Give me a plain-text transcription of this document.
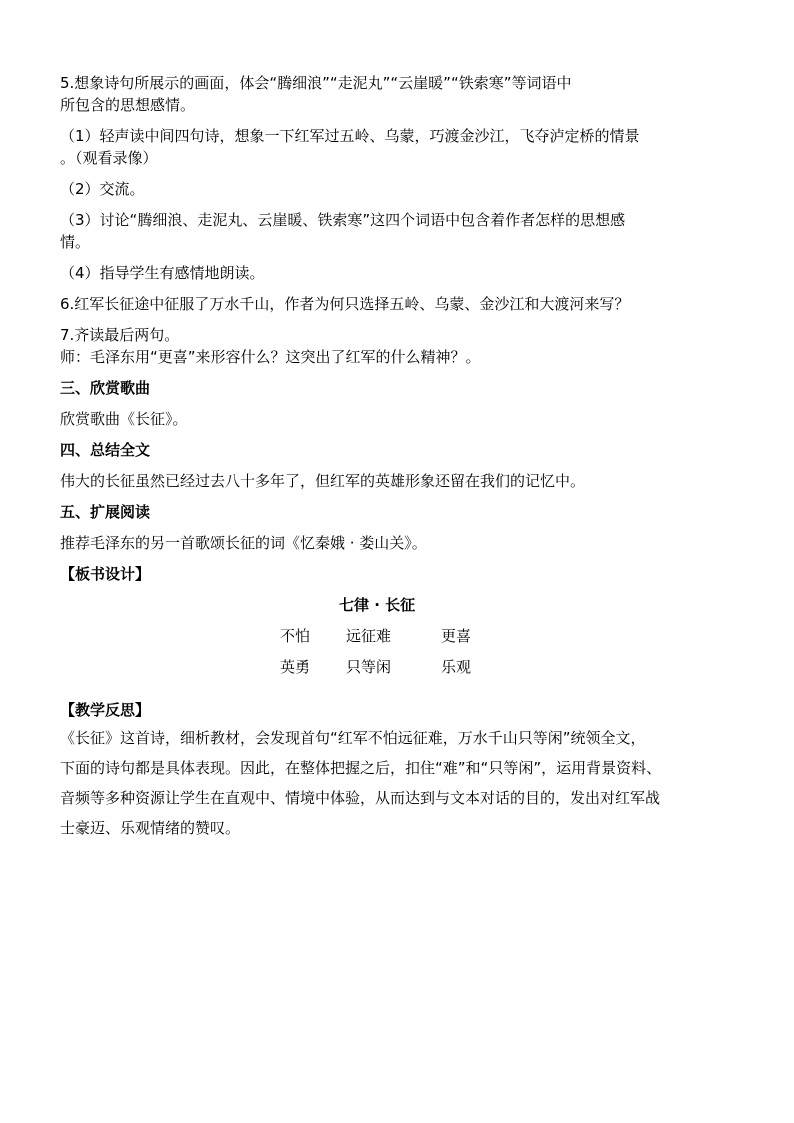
5.想象诗句所展示的画面，体会“腾细浪”“走泥丸”“云崖暖”“铁索寒”等词语中

所包含的思想感情。

（1）轻声读中间四句诗，想象一下红军过五岭、乌蒙，巧渡金沙江，飞夺泸定桥的情景

。（观看录像）

（2）交流。

（3）讨论“腾细浪、走泥丸、云崖暖、铁索寒”这四个词语中包含着作者怎样的思想感

情。

（4）指导学生有感情地朗读。

6.红军长征途中征服了万水千山，作者为何只选择五岭、乌蒙、金沙江和大渡河来写？

7.齐读最后两句。

师：毛泽东用“更喜”来形容什么？这突出了红军的什么精神？。

三、欣赏歌曲

欣赏歌曲《长征》。

四、总结全文

伟大的长征虽然已经过去八十多年了，但红军的英雄形象还留在我们的记忆中。

五、扩展阅读

推荐毛泽东的另一首歌颂长征的词《忆秦娥 · 娄山关》。

【板书设计】
七律 · 长征
不怕 远征难	更喜
英勇 只等闲	乐观
【教学反思】

《长征》这首诗，细析教材，会发现首句“红军不怕远征难，万水千山只等闲”统领全文，

下面的诗句都是具体表现。因此，在整体把握之后，扣住“难”和“只等闲”，运用背景资料、

音频等多种资源让学生在直观中、情境中体验，从而达到与文本对话的目的，发出对红军战

士豪迈、乐观情绪的赞叹。
